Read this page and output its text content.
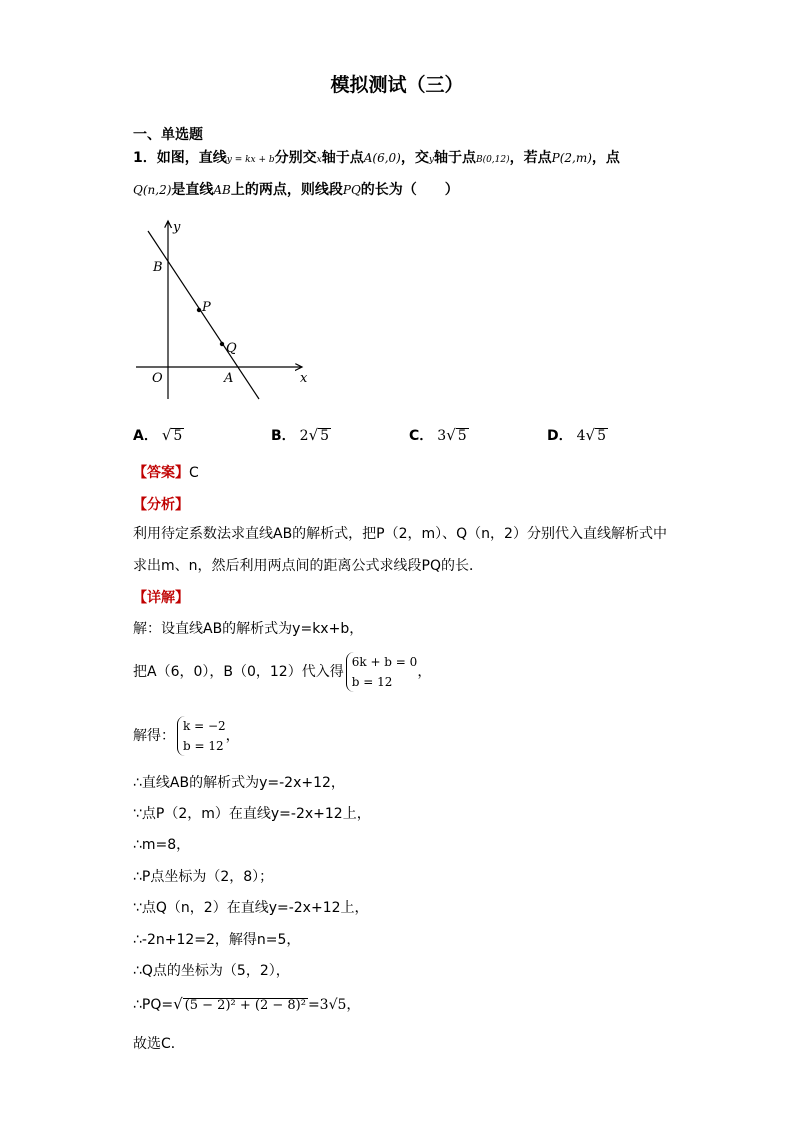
模拟测试（三）
一、单选题
1．如图，直线y = kx + b分别交x轴于点A(6,0)，交y轴于点B(0,12)，若点P(2,m)，点
Q(n,2)是直线AB上的两点，则线段PQ的长为（　　）
y
x
O	A
B
P
Q
A． √ 5	B． 2√ 5	C． 3√ 5	D． 4√ 5
【答案】C
【分析】
利用待定系数法求直线AB的解析式，把P（2，m）、Q（n，2）分别代入直线解析式中
求出m、n，然后利用两点间的距离公式求线段PQ的长．
【详解】
解：设直线AB的解析式为y=kx+b，
把A（6，0），B（0，12）代入得6k + b = 0
b = 12，
解得：k = −2
b = 12，
∴直线AB的解析式为y=-2x+12，
∵点P（2，m）在直线y=-2x+12上，
∴m=8，
∴P点坐标为（2，8）；
∵点Q（n，2）在直线y=-2x+12上，
∴-2n+12=2，解得n=5，
∴Q点的坐标为（5，2），
∴PQ=√ (5 − 2)² + (2 − 8)² =3√5，
故选C．
